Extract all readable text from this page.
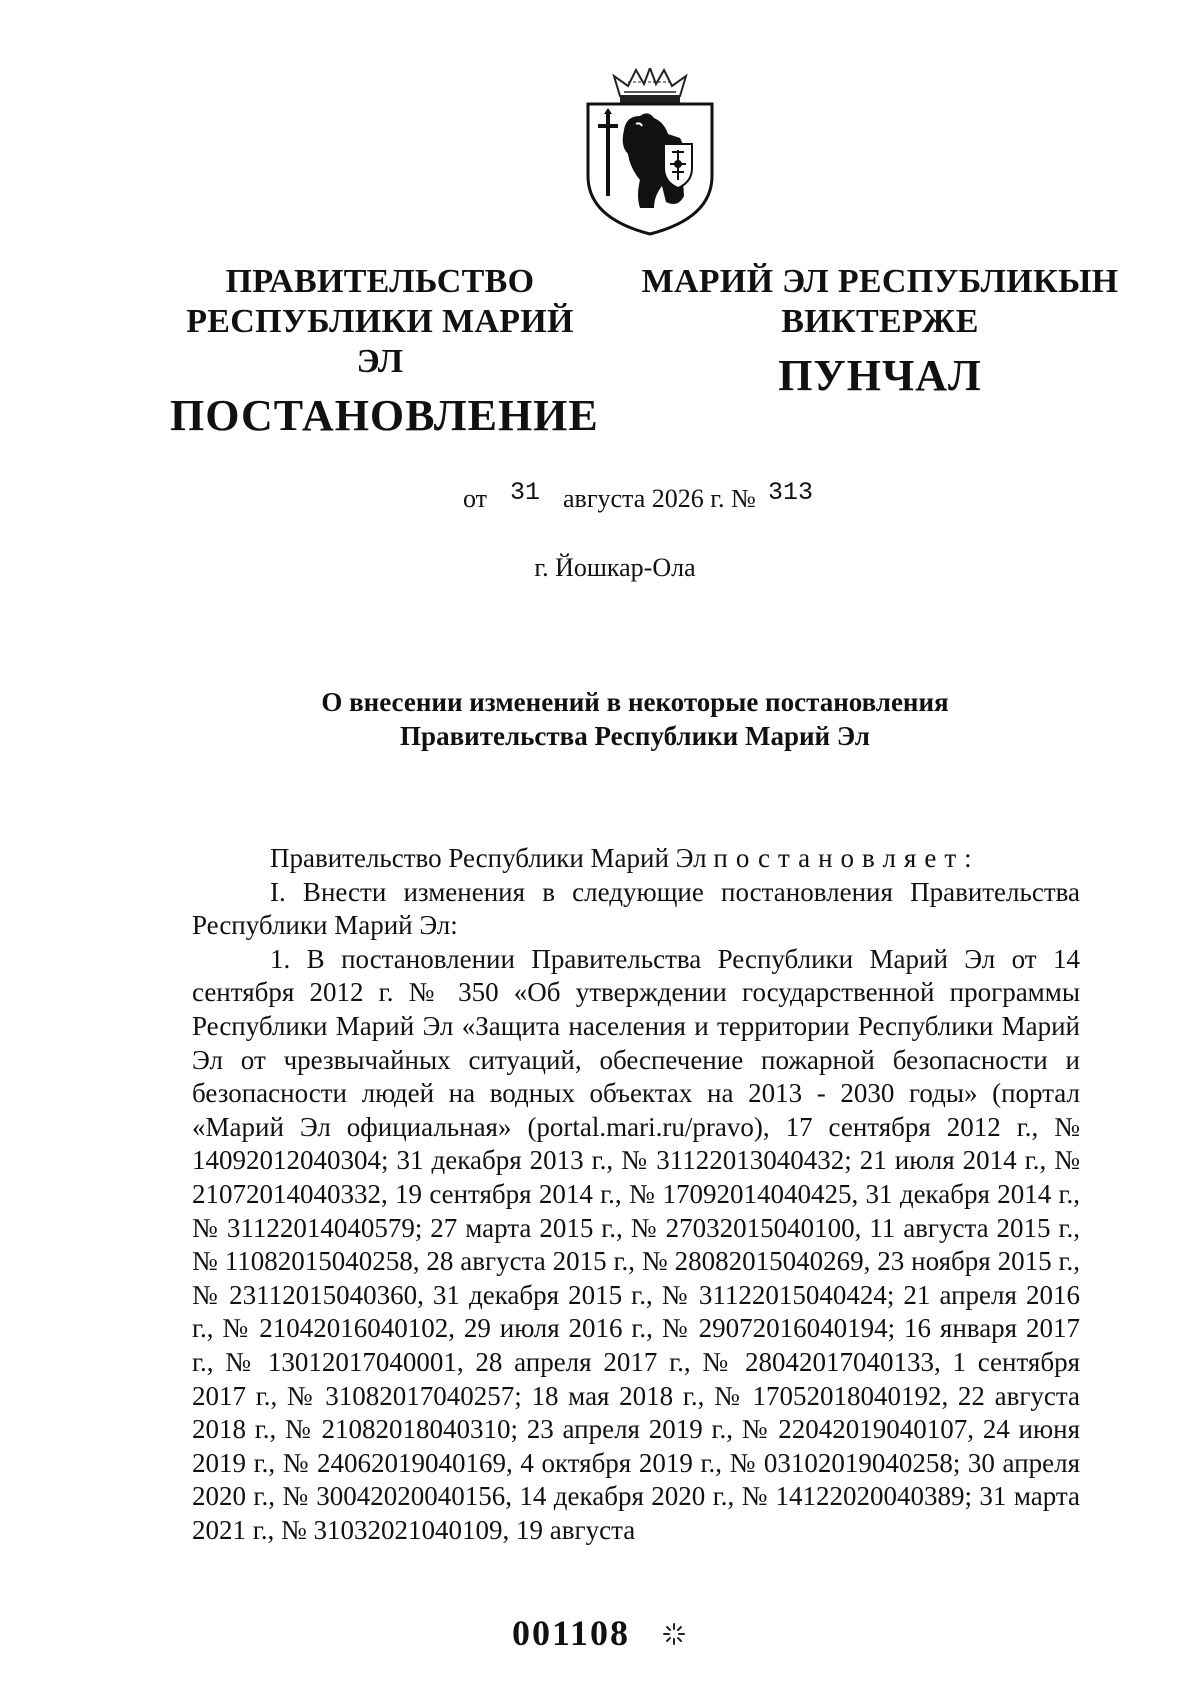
ПРАВИТЕЛЬСТВО
РЕСПУБЛИКИ МАРИЙ ЭЛ
ПОСТАНОВЛЕНИЕ
МАРИЙ ЭЛ РЕСПУБЛИКЫН
ВИКТЕРЖЕ
ПУНЧАЛ
от 31 августа 2026 г. № 313
г. Йошкар-Ола
О внесении изменений в некоторые постановления
Правительства Республики Марий Эл

Правительство Республики Марий Эл постановляет:

I. Внести изменения в следующие постановления Правительства Республики Марий Эл:

1. В постановлении Правительства Республики Марий Эл от 14 сентября 2012 г. № 350 «Об утверждении государственной программы Республики Марий Эл «Защита населения и территории Республики Марий Эл от чрезвычайных ситуаций, обеспечение пожарной безопасности и безопасности людей на водных объектах на 2013 - 2030 годы» (портал «Марий Эл официальная» (portal.mari.ru/pravo), 17 сентября 2012 г., № 14092012040304; 31 декабря 2013 г., № 31122013040432; 21 июля 2014 г., № 21072014040332, 19 сентября 2014 г., № 17092014040425, 31 декабря 2014 г., № 31122014040579; 27 марта 2015 г., № 27032015040100, 11 августа 2015 г., № 11082015040258, 28 августа 2015 г., № 28082015040269, 23 ноября 2015 г., № 23112015040360, 31 декабря 2015 г., № 31122015040424; 21 апреля 2016 г., № 21042016040102, 29 июля 2016 г., № 29072016040194; 16 января 2017 г., № 13012017040001, 28 апреля 2017 г., № 28042017040133, 1 сентября 2017 г., № 31082017040257; 18 мая 2018 г., № 17052018040192, 22 августа 2018 г., № 21082018040310; 23 апреля 2019 г., № 22042019040107, 24 июня 2019 г., № 24062019040169, 4 октября 2019 г., № 03102019040258; 30 апреля 2020 г., № 30042020040156, 14 декабря 2020 г., № 14122020040389; 31 марта 2021 г., № 31032021040109, 19 августа

001108
